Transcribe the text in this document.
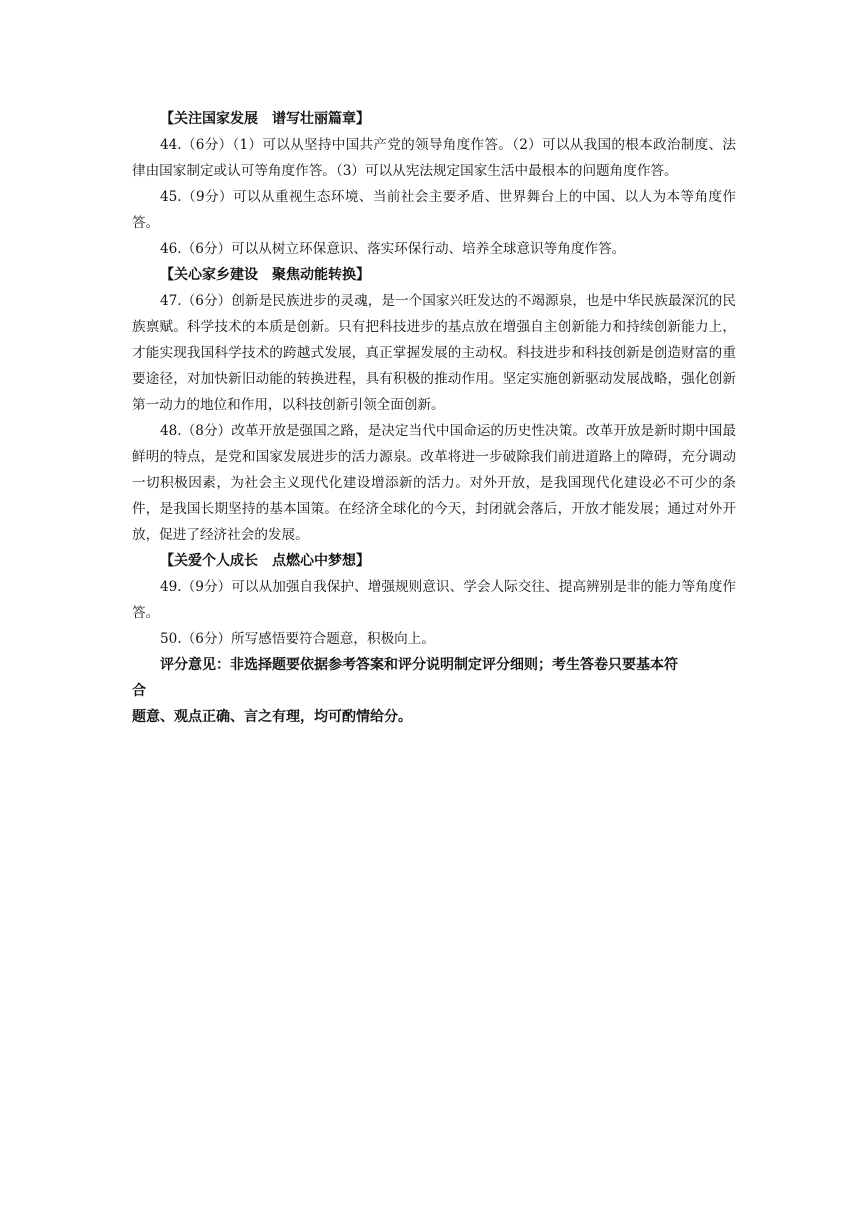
【关注国家发展　谱写壮丽篇章】

44.（6分）（1）可以从坚持中国共产党的领导角度作答。（2）可以从我国的根本政治制度、法律由国家制定或认可等角度作答。（3）可以从宪法规定国家生活中最根本的问题角度作答。

45.（9分）可以从重视生态环境、当前社会主要矛盾、世界舞台上的中国、以人为本等角度作答。

46.（6分）可以从树立环保意识、落实环保行动、培养全球意识等角度作答。

【关心家乡建设　聚焦动能转换】

47.（6分）创新是民族进步的灵魂，是一个国家兴旺发达的不竭源泉，也是中华民族最深沉的民族禀赋。科学技术的本质是创新。只有把科技进步的基点放在增强自主创新能力和持续创新能力上，才能实现我国科学技术的跨越式发展，真正掌握发展的主动权。科技进步和科技创新是创造财富的重要途径，对加快新旧动能的转换进程，具有积极的推动作用。坚定实施创新驱动发展战略，强化创新第一动力的地位和作用，以科技创新引领全面创新。

48.（8分）改革开放是强国之路，是决定当代中国命运的历史性决策。改革开放是新时期中国最鲜明的特点，是党和国家发展进步的活力源泉。改革将进一步破除我们前进道路上的障碍，充分调动一切积极因素，为社会主义现代化建设增添新的活力。对外开放，是我国现代化建设必不可少的条件，是我国长期坚持的基本国策。在经济全球化的今天，封闭就会落后，开放才能发展；通过对外开放，促进了经济社会的发展。

【关爱个人成长　点燃心中梦想】

49.（9分）可以从加强自我保护、增强规则意识、学会人际交往、提高辨别是非的能力等角度作答。

50.（6分）所写感悟要符合题意，积极向上。

评分意见：非选择题要依据参考答案和评分说明制定评分细则；考生答卷只要基本符
合
题意、观点正确、言之有理，均可酌情给分。
